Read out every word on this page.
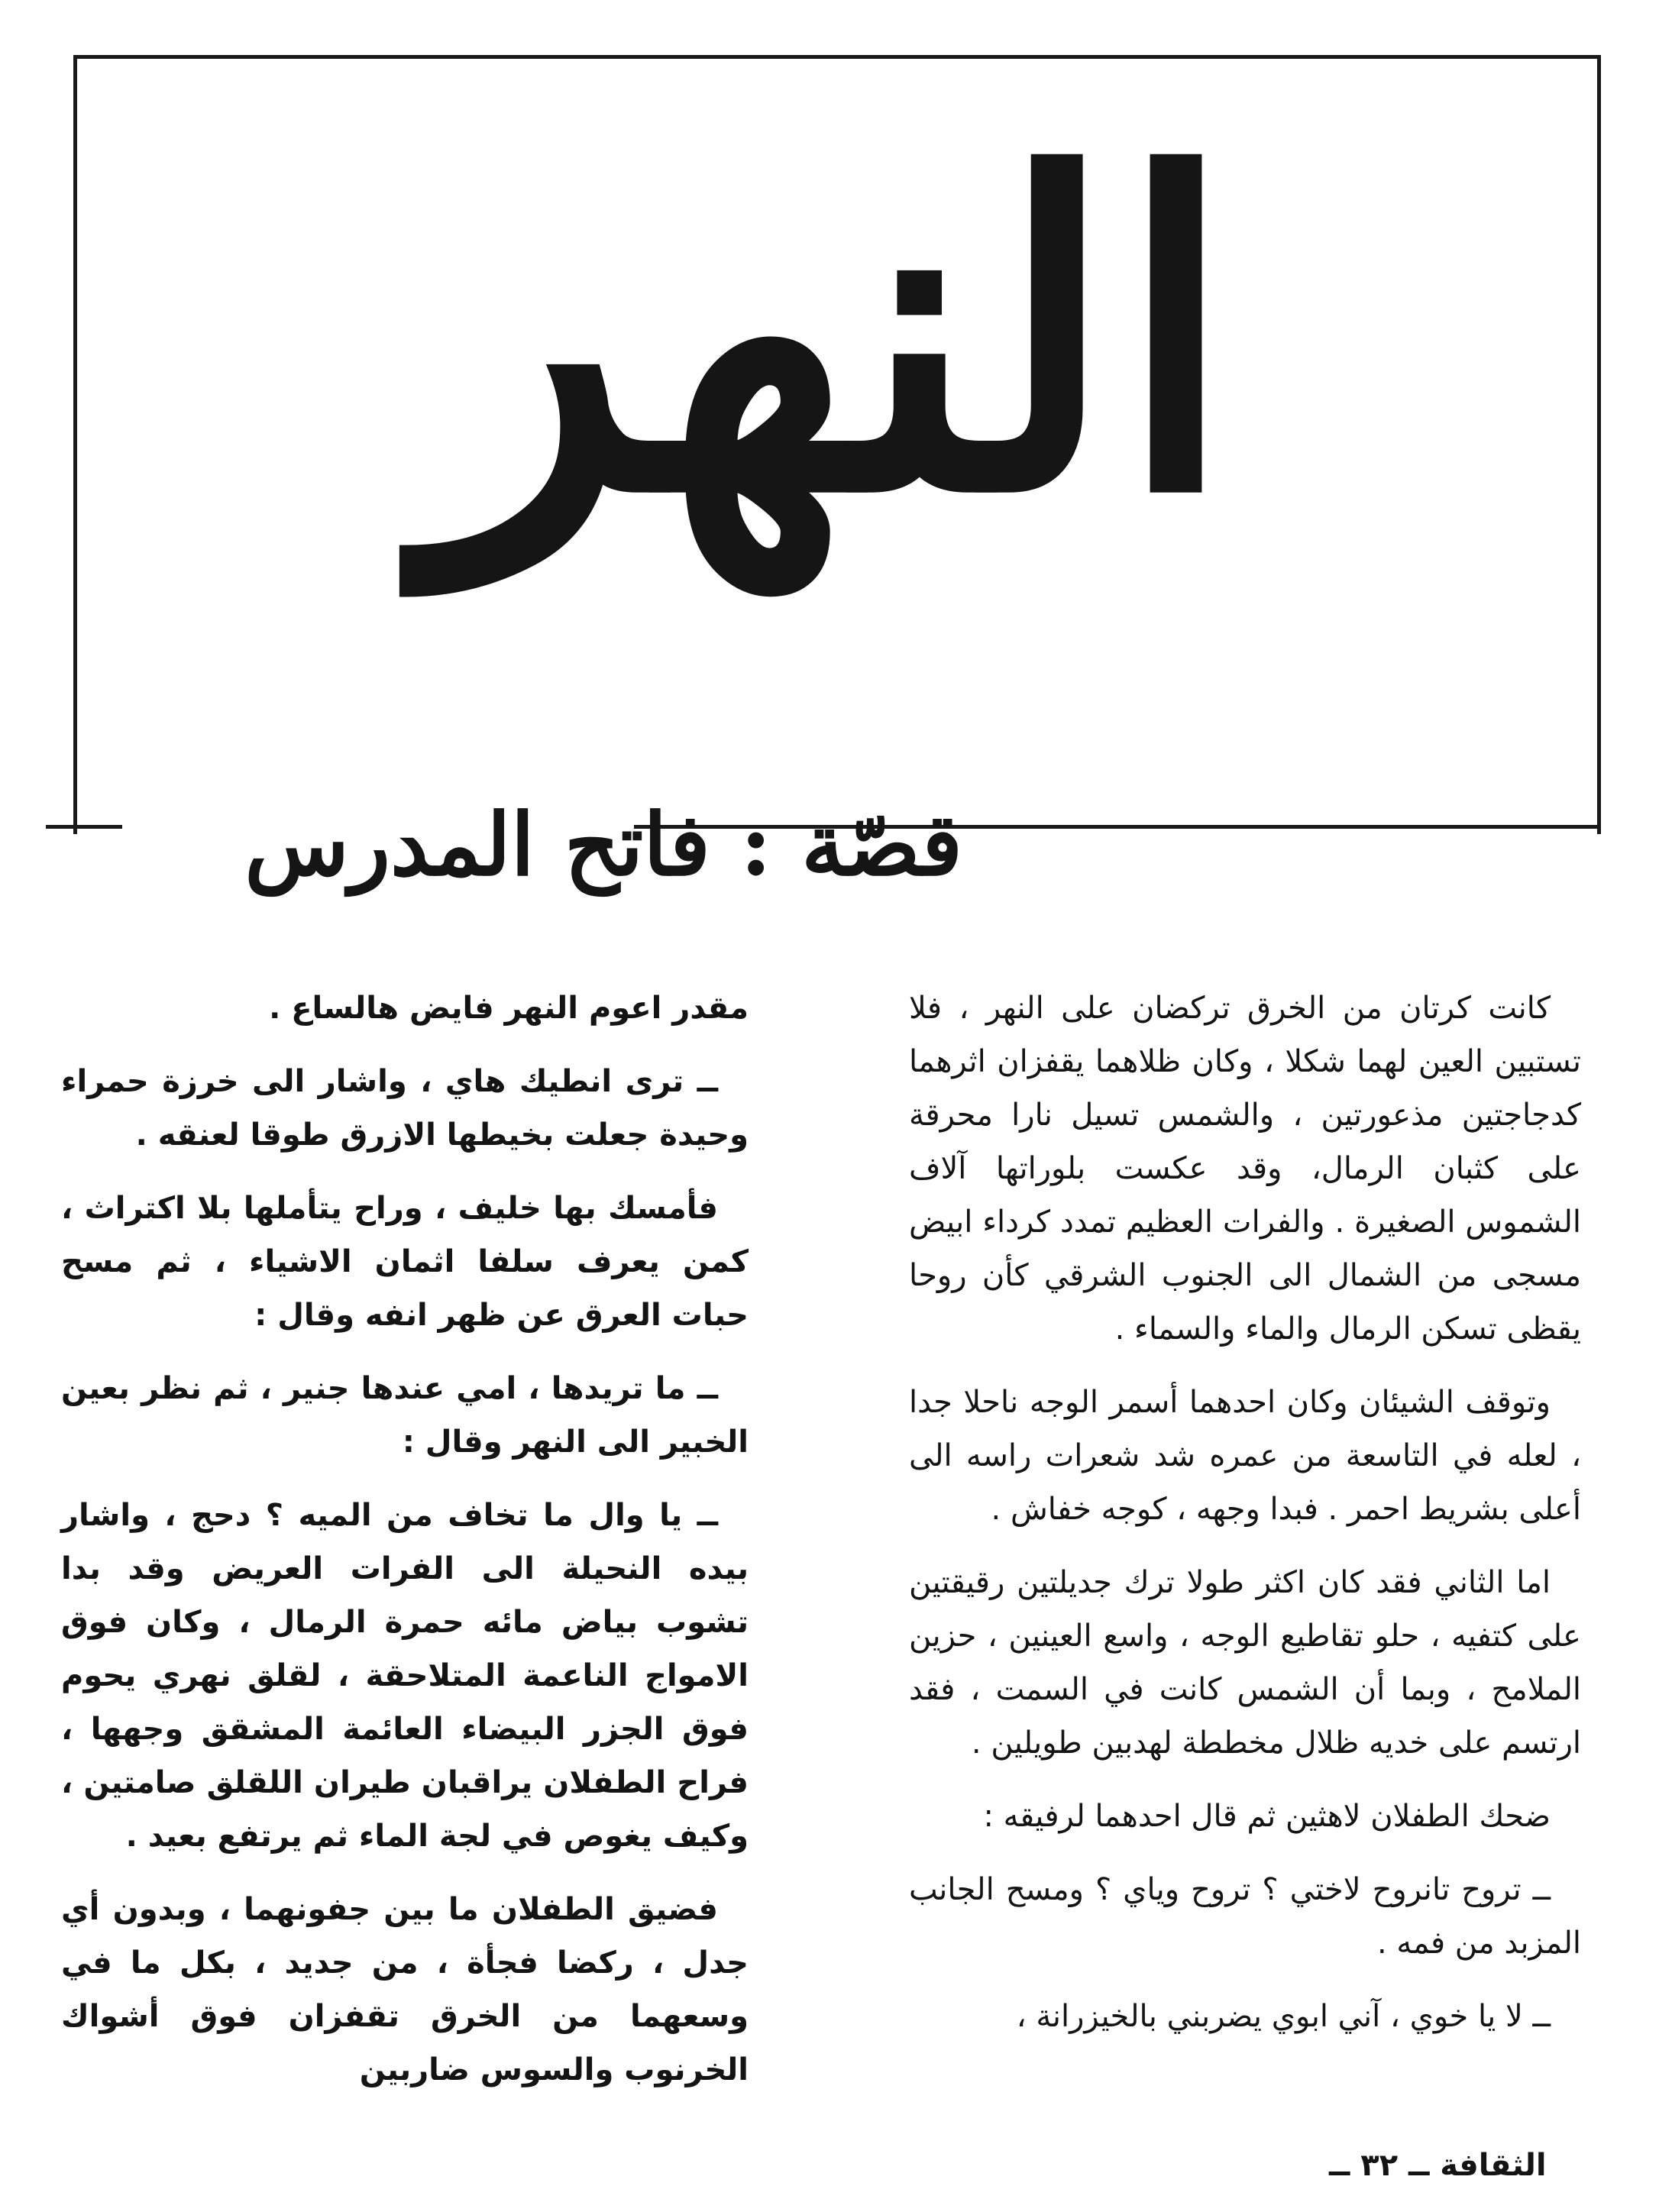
النهر
قصّة : فاتح المدرس

كانت كرتان من الخرق تركضان على النهر ، فلا تستبين العين لهما شكلا ، وكان ظلاهما يقفزان اثرهما كدجاجتين مذعورتين ، والشمس تسيل نارا محرقة على كثبان الرمال، وقد عكست بلوراتها آلاف الشموس الصغيرة . والفرات العظيم تمدد كرداء ابيض مسجى من الشمال الى الجنوب الشرقي كأن روحا يقظى تسكن الرمال والماء والسماء .

وتوقف الشيئان وكان احدهما أسمر الوجه ناحلا جدا ، لعله في التاسعة من عمره شد شعرات راسه الى أعلى بشريط احمر . فبدا وجهه ، كوجه خفاش .

اما الثاني فقد كان اكثر طولا ترك جديلتين رقيقتين على كتفيه ، حلو تقاطيع الوجه ، واسع العينين ، حزين الملامح ، وبما أن الشمس كانت في السمت ، فقد ارتسم على خديه ظلال مخططة لهدبين طويلين .

ضحك الطفلان لاهثين ثم قال احدهما لرفيقه :

ــ تروح تانروح لاختي ؟ تروح وياي ؟ ومسح الجانب المزبد من فمه .

ــ لا يا خوي ، آني ابوي يضربني بالخيزرانة ،

مقدر اعوم النهر فايض هالساع .

ــ ترى انطيك هاي ، واشار الى خرزة حمراء وحيدة جعلت بخيطها الازرق طوقا لعنقه .

فأمسك بها خليف ، وراح يتأملها بلا اكتراث ، كمن يعرف سلفا اثمان الاشياء ، ثم مسح حبات العرق عن ظهر انفه وقال :

ــ ما تريدها ، امي عندها جنير ، ثم نظر بعين الخبير الى النهر وقال :

ــ يا وال ما تخاف من الميه ؟ دحج ، واشار بيده النحيلة الى الفرات العريض وقد بدا تشوب بياض مائه حمرة الرمال ، وكان فوق الامواج الناعمة المتلاحقة ، لقلق نهري يحوم فوق الجزر البيضاء العائمة المشقق وجهها ، فراح الطفلان يراقبان طيران اللقلق صامتين ، وكيف يغوص في لجة الماء ثم يرتفع بعيد .

فضيق الطفلان ما بين جفونهما ، وبدون أي جدل ، ركضا فجأة ، من جديد ، بكل ما في وسعهما من الخرق تقفزان فوق أشواك الخرنوب والسوس ضاربين

الثقافة ــ ٣٢ ــ
